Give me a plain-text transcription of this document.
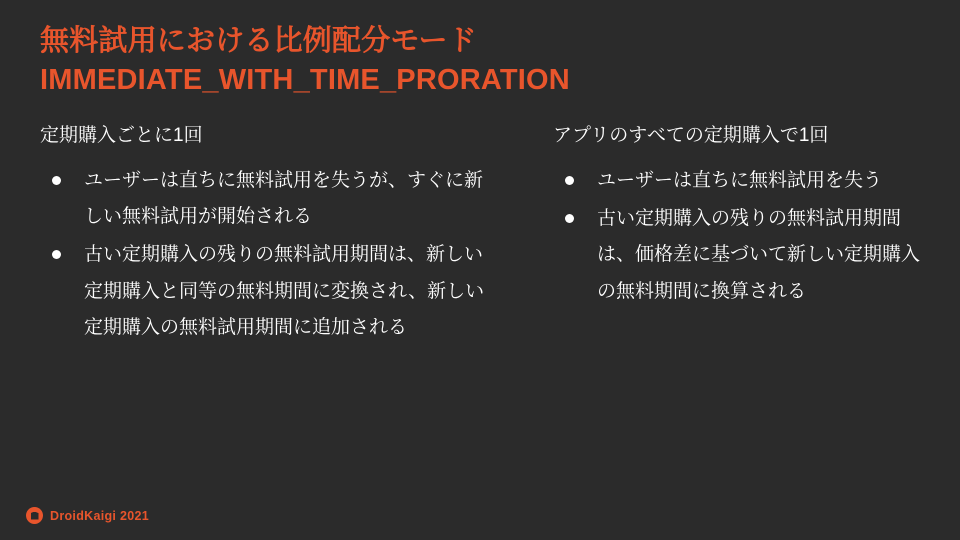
無料試用における比例配分モード
IMMEDIATE_WITH_TIME_PRORATION
定期購入ごとに1回
ユーザーは直ちに無料試用を失うが、すぐに新しい無料試用が開始される
古い定期購入の残りの無料試用期間は、新しい定期購入と同等の無料期間に変換され、新しい定期購入の無料試用期間に追加される
アプリのすべての定期購入で1回
ユーザーは直ちに無料試用を失う
古い定期購入の残りの無料試用期間は、価格差に基づいて新しい定期購入の無料期間に換算される
DroidKaigi 2021
